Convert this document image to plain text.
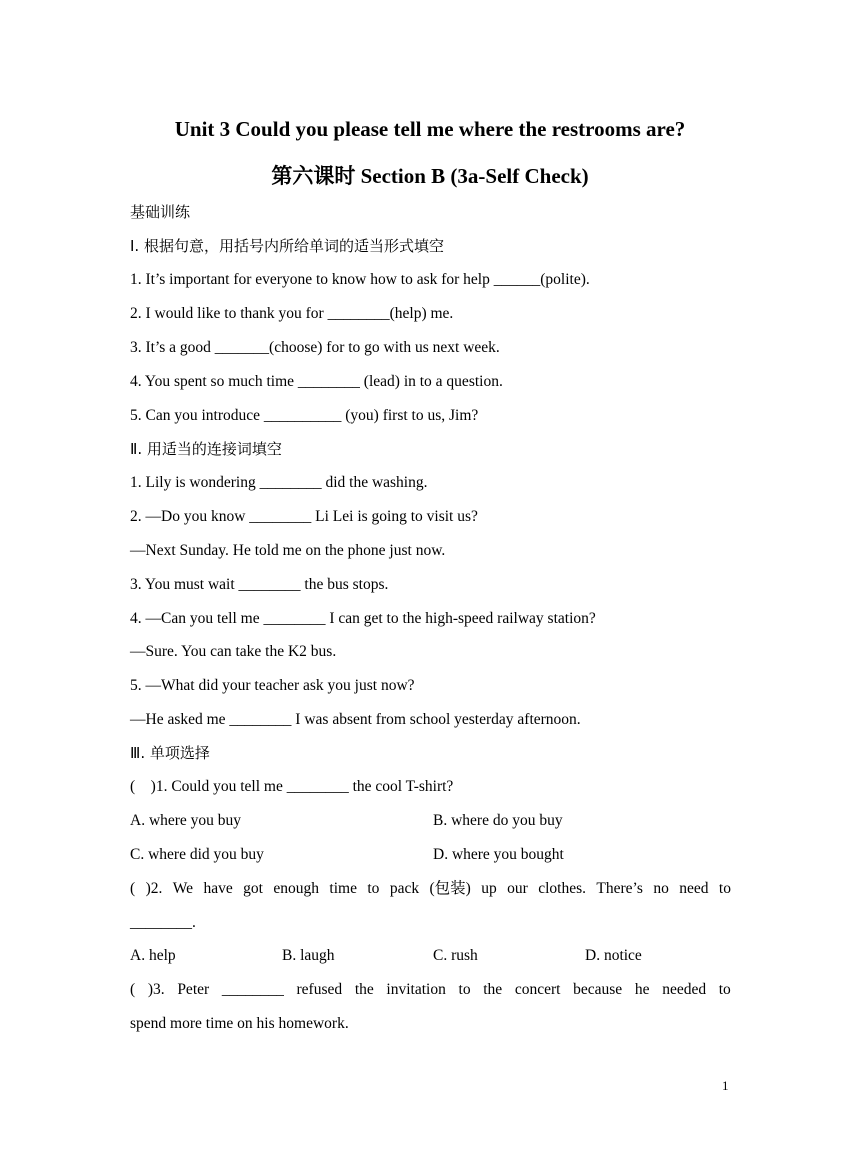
Unit 3 Could you please tell me where the restrooms are?
第六课时 Section B (3a-Self Check)
基础训练
Ⅰ. 根据句意，用括号内所给单词的适当形式填空
1. It’s important for everyone to know how to ask for help ______(polite).
2. I would like to thank you for ________(help) me.
3. It’s a good _______(choose) for to go with us next week.
4. You spent so much time ________ (lead) in to a question.
5. Can you introduce __________ (you) first to us, Jim?
Ⅱ. 用适当的连接词填空
1. Lily is wondering ________ did the washing.
2. —Do you know ________ Li Lei is going to visit us?
—Next Sunday. He told me on the phone just now.
3. You must wait ________ the bus stops.
4. —Can you tell me ________ I can get to the high-speed railway station?
—Sure. You can take the K2 bus.
5. —What did your teacher ask you just now?
—He asked me ________ I was absent from school yesterday afternoon.
Ⅲ. 单项选择
(    )1. Could you tell me ________ the cool T-shirt?
A. where you buy	B. where do you buy
C. where did you buy	D. where you bought
( )2. We have got enough time to pack (包装) up our clothes. There’s no need to
________.
A. help	B. laugh	C. rush	D. notice
( )3. Peter ________ refused the invitation to the concert because he needed to
spend more time on his homework.
1
